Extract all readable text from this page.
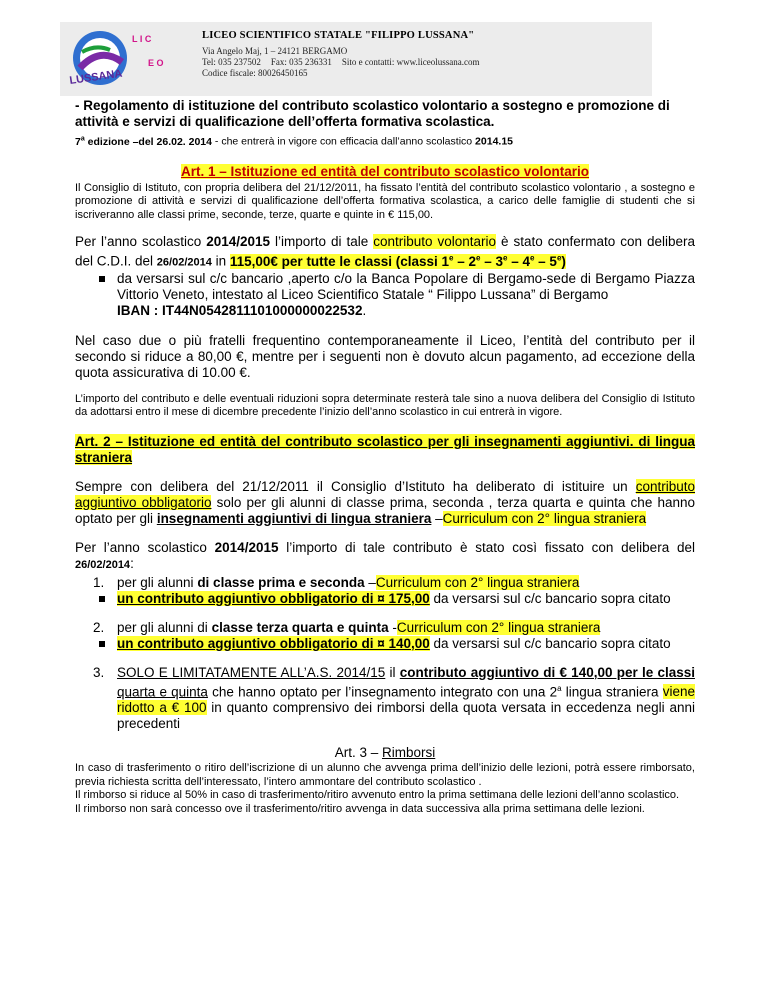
LUSSANA
L I C
E O
LICEO SCIENTIFICO STATALE "FILIPPO LUSSANA"
Via Angelo Maj, 1 – 24121 BERGAMO
Tel: 035 237502 Fax: 035 236331 Sito e contatti: www.liceolussana.com
Codice fiscale: 80026450165

- Regolamento di istituzione del contributo scolastico volontario a sostegno e promozione di attività e servizi di qualificazione dell’offerta formativa scolastica.

7$^a$ edizione –del 26.02. 2014 - che entrerà in vigore con efficacia dall’anno scolastico 2014.15

Art. 1 – Istituzione ed entità del contributo scolastico volontario

Il Consiglio di Istituto, con propria delibera del 21/12/2011, ha fissato l’entità del contributo scolastico volontario , a sostegno e promozione di attività e servizi di qualificazione dell’offerta formativa scolastica, a carico delle famiglie di studenti che si iscriveranno alle classi prime, seconde, terze, quarte e quinte in € 115,00.

Per l’anno scolastico 2014/2015 l’importo di tale contributo volontario è stato confermato con delibera del C.D.I. del 26/02/2014 in 115,00€ per tutte le classi (classi 1e – 2e – 3e – 4e – 5e)

da versarsi sul c/c bancario ,aperto c/o la Banca Popolare di Bergamo-sede di Bergamo Piazza Vittorio Veneto, intestato al Liceo Scientifico Statale “ Filippo Lussana” di Bergamo
IBAN : IT44N0542811101000000022532.

Nel caso due o più fratelli frequentino contemporaneamente il Liceo, l’entità del contributo per il secondo si riduce a 80,00 €, mentre per i seguenti non è dovuto alcun pagamento, ad eccezione della quota assicurativa di 10.00 €.

L’importo del contributo e delle eventuali riduzioni sopra determinate resterà tale sino a nuova delibera del Consiglio di Istituto da adottarsi entro il mese di dicembre precedente l’inizio dell’anno scolastico in cui entrerà in vigore.

Art. 2 – Istituzione ed entità del contributo scolastico per gli insegnamenti aggiuntivi. di lingua straniera

Sempre con delibera del 21/12/2011 il Consiglio d’Istituto ha deliberato di istituire un contributo aggiuntivo obbligatorio solo per gli alunni di classe prima, seconda , terza quarta e quinta che hanno optato per gli insegnamenti aggiuntivi di lingua straniera –Curriculum con 2° lingua straniera

Per l’anno scolastico 2014/2015 l’importo di tale contributo è stato così fissato con delibera del 26/02/2014:

1. per gli alunni di classe prima e seconda –Curriculum con 2° lingua straniera
un contributo aggiuntivo obbligatorio di ¤ 175,00 da versarsi sul c/c bancario sopra citato
2. per gli alunni di classe terza quarta e quinta -Curriculum con 2° lingua straniera
un contributo aggiuntivo obbligatorio di ¤ 140,00 da versarsi sul c/c bancario sopra citato
3. SOLO E LIMITATAMENTE ALL’A.S. 2014/15 il contributo aggiuntivo di € 140,00 per le classi quarta e quinta che hanno optato per l’insegnamento integrato con una 2$^a$ lingua straniera viene ridotto a € 100 in quanto comprensivo dei rimborsi della quota versata in eccedenza negli anni precedenti

Art. 3 – Rimborsi

In caso di trasferimento o ritiro dell’iscrizione di un alunno che avvenga prima dell’inizio delle lezioni, potrà essere rimborsato, previa richiesta scritta dell’interessato, l’intero ammontare del contributo scolastico .

Il rimborso si riduce al 50% in caso di trasferimento/ritiro avvenuto entro la prima settimana delle lezioni dell’anno scolastico.

Il rimborso non sarà concesso ove il trasferimento/ritiro avvenga in data successiva alla prima settimana delle lezioni.
